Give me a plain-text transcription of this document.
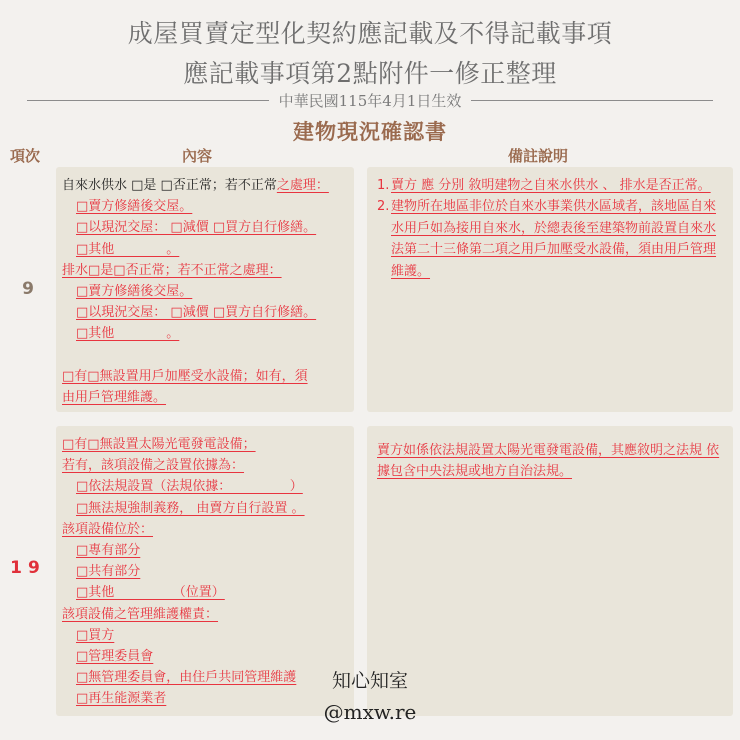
成屋買賣定型化契約應記載及不得記載事項
應記載事項第2點附件一修正整理
中華民國115年4月1日生效
建物現況確認書
項次	內容	備註說明
9
自來水供水 □是 □否正常；若不正常之處理：
□賣方修繕後交屋。
□以現況交屋： □減價 □買方自行修繕。
□其他　　　　。
排水□是□否正常；若不正常之處理：
□賣方修繕後交屋。
□以現況交屋： □減價 □買方自行修繕。
□其他　　　　。
□有□無設置用戶加壓受水設備；如有，須
由用戶管理維護。
1. 賣方 應 分別 敘明建物之自來水供水 、 排水是否正常。
2. 建物所在地區非位於自來水事業供水區域者，該地區自來水用戶如為接用自來水，於總表後至建築物前設置自來水法第二十三條第二項之用戶加壓受水設備，須由用戶管理維護。
19
□有□無設置太陽光電發電設備；
若有，該項設備之設置依據為：
□依法規設置（法規依據：　　　　　）
□無法規強制義務， 由賣方自行設置 。
該項設備位於：
□專有部分
□共有部分
□其他　　　　　（位置）
該項設備之管理維護權責：
□買方
□管理委員會
□無管理委員會，由住戶共同管理維護
□再生能源業者
賣方如係依法規設置太陽光電發電設備，其應敘明之法規 依據包含中央法規或地方自治法規。
知心知室
@mxw.re
